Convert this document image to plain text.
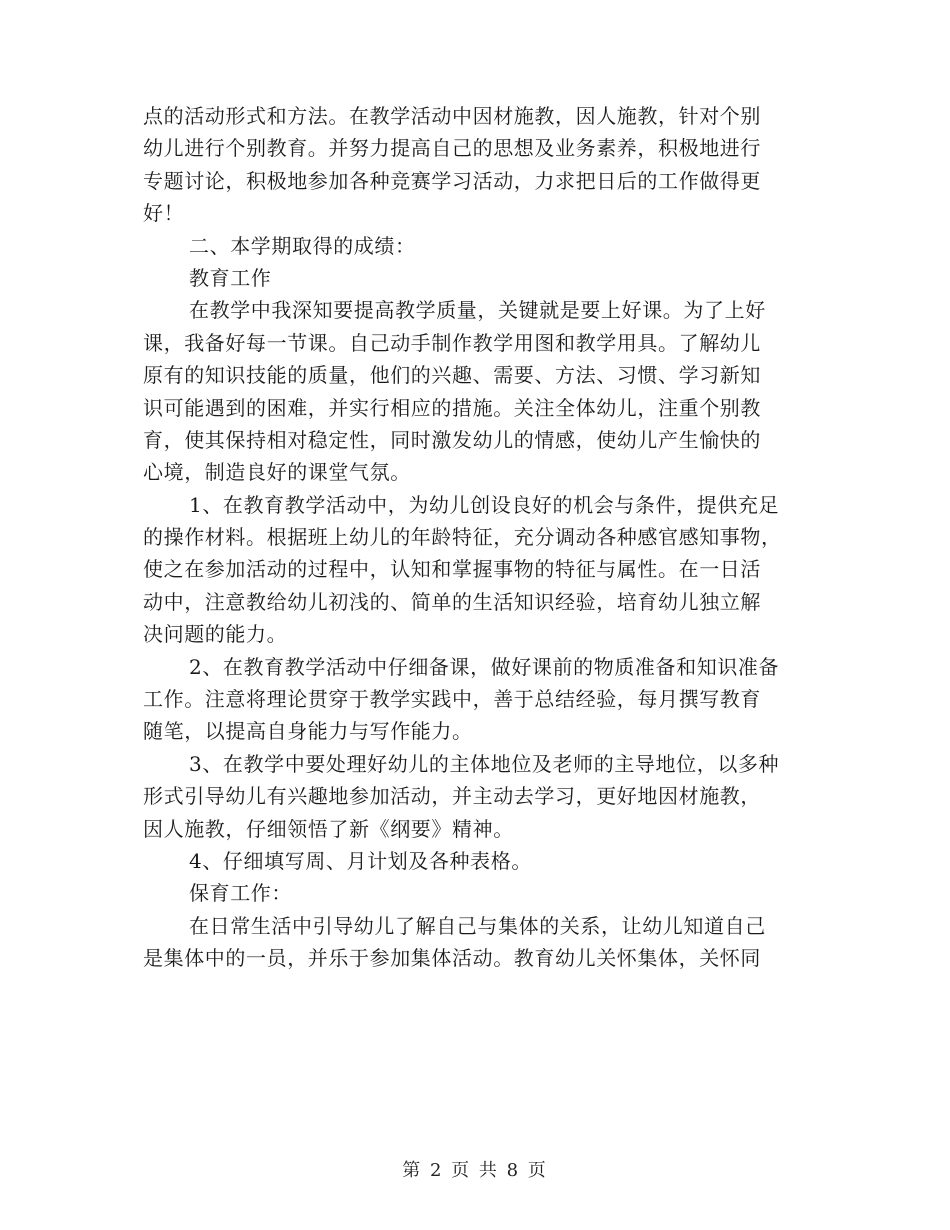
点的活动形式和方法。在教学活动中因材施教，因人施教，针对个别
幼儿进行个别教育。并努力提高自己的思想及业务素养，积极地进行
专题讨论，积极地参加各种竞赛学习活动，力求把日后的工作做得更
好！
二、本学期取得的成绩：
教育工作
在教学中我深知要提高教学质量，关键就是要上好课。为了上好
课，我备好每一节课。自己动手制作教学用图和教学用具。了解幼儿
原有的知识技能的质量，他们的兴趣、需要、方法、习惯、学习新知
识可能遇到的困难，并实行相应的措施。关注全体幼儿，注重个别教
育，使其保持相对稳定性，同时激发幼儿的情感，使幼儿产生愉快的
心境，制造良好的课堂气氛。
1、在教育教学活动中，为幼儿创设良好的机会与条件，提供充足
的操作材料。根据班上幼儿的年龄特征，充分调动各种感官感知事物，
使之在参加活动的过程中，认知和掌握事物的特征与属性。在一日活
动中，注意教给幼儿初浅的、简单的生活知识经验，培育幼儿独立解
决问题的能力。
2、在教育教学活动中仔细备课，做好课前的物质准备和知识准备
工作。注意将理论贯穿于教学实践中，善于总结经验，每月撰写教育
随笔，以提高自身能力与写作能力。
3、在教学中要处理好幼儿的主体地位及老师的主导地位，以多种
形式引导幼儿有兴趣地参加活动，并主动去学习，更好地因材施教，
因人施教，仔细领悟了新《纲要》精神。
4、仔细填写周、月计划及各种表格。
保育工作：
在日常生活中引导幼儿了解自己与集体的关系，让幼儿知道自己
是集体中的一员，并乐于参加集体活动。教育幼儿关怀集体，关怀同
第 2 页 共 8 页
